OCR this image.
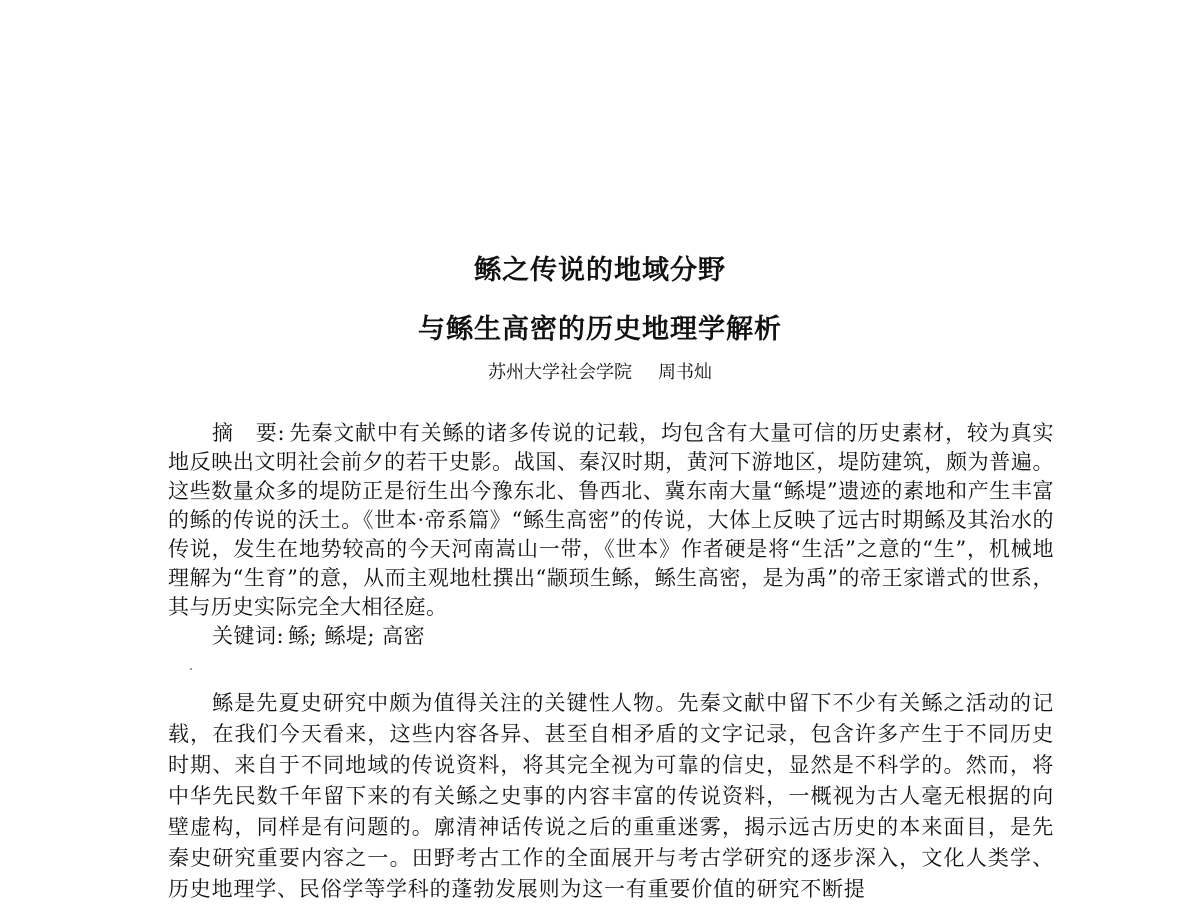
鲧之传说的地域分野
与鲧生高密的历史地理学解析
苏州大学社会学院 周书灿

摘　要: 先秦文献中有关鲧的诸多传说的记载，均包含有大量可信的历史素材，较为真实地反映出文明社会前夕的若干史影。战国、秦汉时期，黄河下游地区，堤防建筑，颇为普遍。这些数量众多的堤防正是衍生出今豫东北、鲁西北、冀东南大量“鲧堤”遗迹的素地和产生丰富的鲧的传说的沃土。《世本·帝系篇》“鲧生高密”的传说，大体上反映了远古时期鲧及其治水的传说，发生在地势较高的今天河南嵩山一带，《世本》作者硬是将“生活”之意的“生”，机械地理解为“生育”的意，从而主观地杜撰出“颛顼生鲧，鲧生高密，是为禹”的帝王家谱式的世系，其与历史实际完全大相径庭。

关键词: 鲧; 鲧堤; 高密

鲧是先夏史研究中颇为值得关注的关键性人物。先秦文献中留下不少有关鲧之活动的记载，在我们今天看来，这些内容各异、甚至自相矛盾的文字记录，包含许多产生于不同历史时期、来自于不同地域的传说资料，将其完全视为可靠的信史，显然是不科学的。然而，将中华先民数千年留下来的有关鲧之史事的内容丰富的传说资料，一概视为古人毫无根据的向壁虚构，同样是有问题的。廓清神话传说之后的重重迷雾，揭示远古历史的本来面目，是先秦史研究重要内容之一。田野考古工作的全面展开与考古学研究的逐步深入，文化人类学、历史地理学、民俗学等学科的蓬勃发展则为这一有重要价值的研究不断提
